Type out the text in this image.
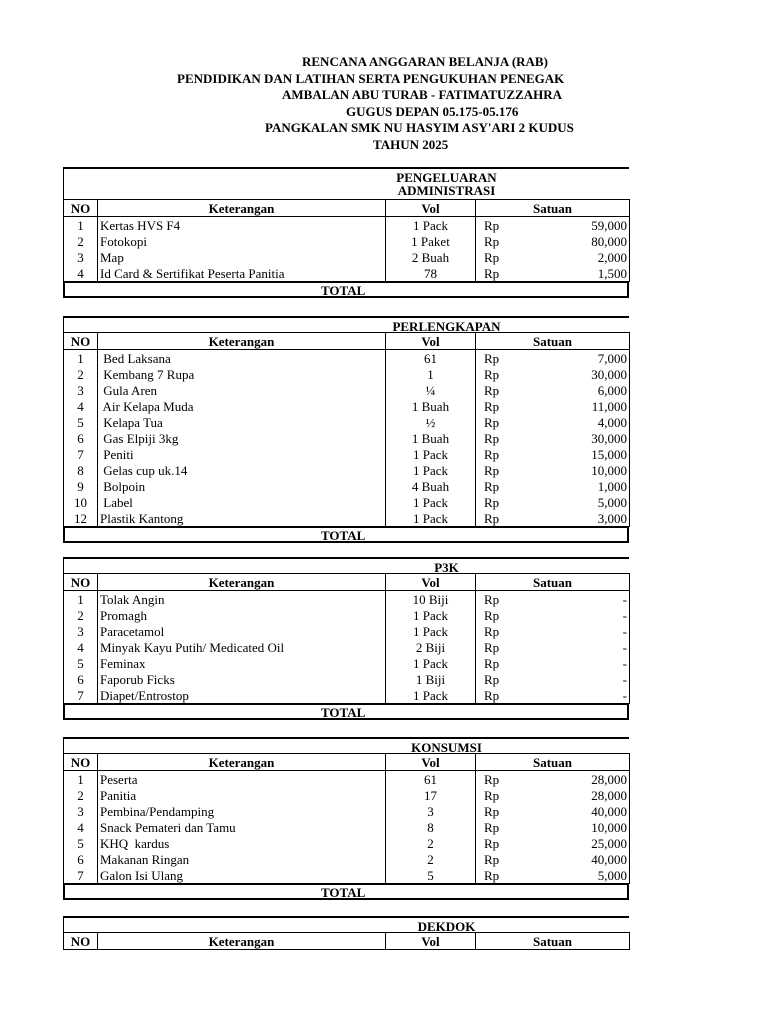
RENCANA ANGGARAN BELANJA (RAB)
PENDIDIKAN DAN LATIHAN SERTA PENGUKUHAN PENEGAK
AMBALAN ABU TURAB - FATIMATUZZAHRA
GUGUS DEPAN 05.175-05.176
PANGKALAN SMK NU HASYIM ASY'ARI 2 KUDUS
TAHUN 2025
PENGELUARAN
ADMINISTRASI
NO	Keterangan	Vol	Satuan	
1	Kertas HVS F4	1 Pack	Rp	59,000
2	Fotokopi	1 Paket	Rp	80,000
3	Map	2 Buah	Rp	2,000
4	Id Card & Sertifikat Peserta Panitia	78	Rp	1,500
TOTAL
PERLENGKAPAN
NO	Keterangan	Vol	Satuan	
1	Bed Laksana	61	Rp	7,000
2	Kembang 7 Rupa	1	Rp	30,000
3	Gula Aren	¼	Rp	6,000
4	Air Kelapa Muda	1 Buah	Rp	11,000
5	Kelapa Tua	½	Rp	4,000
6	Gas Elpiji 3kg	1 Buah	Rp	30,000
7	Peniti	1 Pack	Rp	15,000
8	Gelas cup uk.14	1 Pack	Rp	10,000
9	Bolpoin	4 Buah	Rp	1,000
10	Label	1 Pack	Rp	5,000
12	Plastik Kantong	1 Pack	Rp	3,000
TOTAL
P3K
NO	Keterangan	Vol	Satuan	
1	Tolak Angin	10 Biji	Rp	-
2	Promagh	1 Pack	Rp	-
3	Paracetamol	1 Pack	Rp	-
4	Minyak Kayu Putih/ Medicated Oil	2 Biji	Rp	-
5	Feminax	1 Pack	Rp	-
6	Faporub Ficks	1 Biji	Rp	-
7	Diapet/Entrostop	1 Pack	Rp	-
TOTAL
KONSUMSI
NO	Keterangan	Vol	Satuan	
1	Peserta	61	Rp	28,000
2	Panitia	17	Rp	28,000
3	Pembina/Pendamping	3	Rp	40,000
4	Snack Pemateri dan Tamu	8	Rp	10,000
5	KHQ  kardus	2	Rp	25,000
6	Makanan Ringan	2	Rp	40,000
7	Galon Isi Ulang	5	Rp	5,000
TOTAL
DEKDOK
NO	Keterangan	Vol	Satuan
